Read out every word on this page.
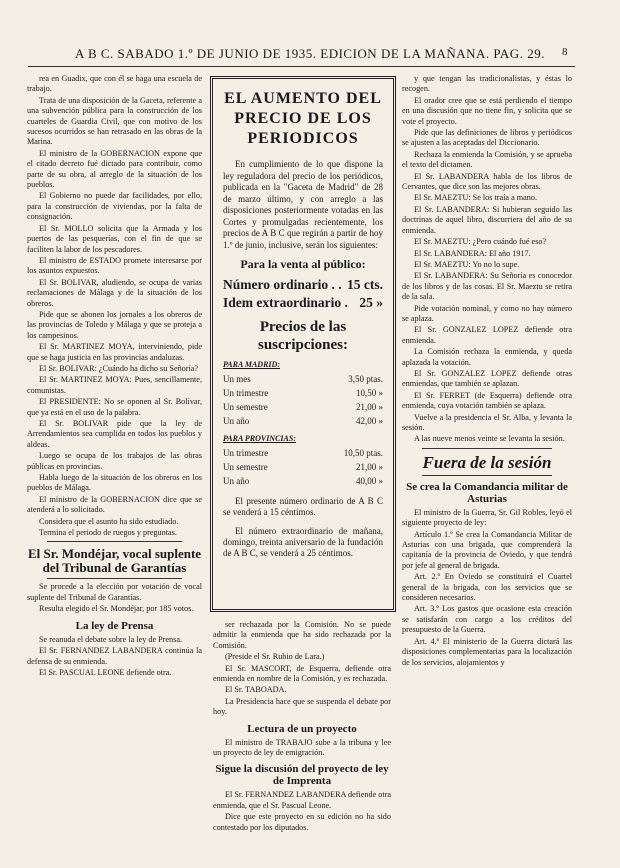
A B C. SABADO 1.º DE JUNIO DE 1935. EDICION DE LA MAÑANA. PAG. 29. 8

rea en Guadix, que con él se haga una escuela de trabajo.

Trata de una disposición de la Gaceta, referente a una subvención pública para la construcción de los cuarteles de Guardia Civil, que con motivo de los sucesos ocurridos se han retrasado en las obras de la Marina.

El ministro de la GOBERNACION expone que el citado decreto fué dictado para contribuir, como parte de su obra, al arreglo de la situación de los pueblos.

El Gobierno no puede dar facilidades, por ello, para la construcción de viviendas, por la falta de consignación.

El Sr. MOLLO solicita que la Armada y los puertos de las pesquerías, con el fin de que se faciliten la labor de los pescadores.

El ministro de ESTADO promete interesarse por los asuntos expuestos.

El Sr. BOLIVAR, aludiendo, se ocupa de varias reclamaciones de Málaga y de la situación de los obreros.

Pide que se abonen los jornales a los obreros de las provincias de Toledo y Málaga y que se proteja a los campesinos.

El Sr. MARTINEZ MOYA, interviniendo, pide que se haga justicia en las provincias andaluzas.

El Sr. BOLIVAR: ¿Cuándo ha dicho su Señoría?

El Sr. MARTINEZ MOYA: Pues, sencillamente, comunistas.

El PRESIDENTE: No se oponen al Sr. Bolívar, que ya está en el uso de la palabra.

El Sr. BOLIVAR pide que la ley de Arrendamientos sea cumplida en todos los pueblos y aldeas.

Luego se ocupa de los trabajos de las obras públicas en provincias.

Habla luego de la situación de los obreros en los pueblos de Málaga.

El ministro de la GOBERNACION dice que se atenderá a lo solicitado.

Considera que el asunto ha sido estudiado.

Termina el periodo de ruegos y preguntas.

El Sr. Mondéjar, vocal suplente del Tribunal de Garantías

Se procede a la elección por votación de vocal suplente del Tribunal de Garantías.

Resulta elegido el Sr. Mondéjar, por 185 votos.

La ley de Prensa

Se reanuda el debate sobre la ley de Prensa.

El Sr. FERNANDEZ LABANDERA continúa la defensa de su enmienda.

El Sr. PASCUAL LEONE defiende otra.

EL AUMENTO DEL PRECIO DE LOS PERIODICOS

En cumplimiento de lo que dispone la ley reguladora del precio de los periódicos, publicada en la "Gaceta de Madrid" de 28 de marzo último, y con arreglo a las disposiciones posteriormente votadas en las Cortes y promulgadas recientemente, los precios de A B C que regirán a partir de hoy 1.º de junio, inclusive, serán los siguientes:

Para la venta al público:
Número ordinario . . 15 cts.
Idem extraordinario . 25 »
Precios de las suscripciones:
PARA MADRID:
Un mes	3,50 ptas.
Un trimestre	10,50 »
Un semestre	21,00 »
Un año	42,00 »
PARA PROVINCIAS:
Un trimestre	10,50 ptas.
Un semestre	21,00 »
Un año	40,00 »

El presente número ordinario de A B C se venderá a 15 céntimos.

El número extraordinario de mañana, domingo, treinta aniversario de la fundación de A B C, se venderá a 25 céntimos.

ser rechazada por la Comisión. No se puede admitir la enmienda que ha sido rechazada por la Comisión.

(Preside el Sr. Rubio de Lara.)

El Sr. MASCORT, de Esquerra, defiende otra enmienda en nombre de la Comisión, y es rechazada.

El Sr. TABOADA.

La Presidencia hace que se suspenda el debate por hoy.

Lectura de un proyecto

El ministro de TRABAJO sube a la tribuna y lee un proyecto de ley de emigración.

Sigue la discusión del proyecto de ley de Imprenta

El Sr. FERNANDEZ LABANDERA defiende otra enmienda, que el Sr. Pascual Leone.

Dice que este proyecto en su edición no ha sido contestado por los diputados.

y que tengan las tradicionalistas, y éstas lo recogen.

El orador cree que se está perdiendo el tiempo en una discusión que no tiene fin, y solicita que se vote el proyecto.

Pide que las definiciones de libros y periódicos se ajusten a las aceptadas del Diccionario.

Rechaza la enmienda la Comisión, y se aprueba el texto del dictamen.

El Sr. LABANDERA habla de los libros de Cervantes, que dice son las mejores obras.

El Sr. MAEZTU: Se los traía a mano.

El Sr. LABANDERA: Si hubieran seguido las doctrinas de aquel libro, discurriera del año de su enmienda.

El Sr. MAEZTU: ¿Pero cuándo fué eso?

El Sr. LABANDERA: El año 1917.

El Sr. MAEZTU: Yo no lo supe.

El Sr. LABANDERA: Su Señoría es conocedor de los libros y de las cosas. El Sr. Maeztu se retira de la sala.

Pide votación nominal, y como no hay número se aplaza.

El Sr. GONZALEZ LOPEZ defiende otra enmienda.

La Comisión rechaza la enmienda, y queda aplazada la votación.

El Sr. GONZALEZ LOPEZ defiende otras enmiendas, que también se aplazan.

El Sr. FERRET (de Esquerra) defiende otra enmienda, cuya votación también se aplaza.

Vuelve a la presidencia el Sr. Alba, y levanta la sesión.

A las nueve menos veinte se levanta la sesión.

Fuera de la sesión
Se crea la Comandancia militar de Asturias

El ministro de la Guerra, Sr. Gil Robles, leyó el siguiente proyecto de ley:

Artículo 1.º Se crea la Comandancia Militar de Asturias con una brigada, que comprenderá la capitanía de la provincia de Oviedo, y que tendrá por jefe al general de brigada.

Art. 2.º En Oviedo se constituirá el Cuartel general de la brigada, con los servicios que se consideren necesarios.

Art. 3.º Los gastos que ocasione esta creación se satisfarán con cargo a los créditos del presupuesto de la Guerra.

Art. 4.º El ministerio de la Guerra dictará las disposiciones complementarias para la localización de los servicios, alojamientos y
